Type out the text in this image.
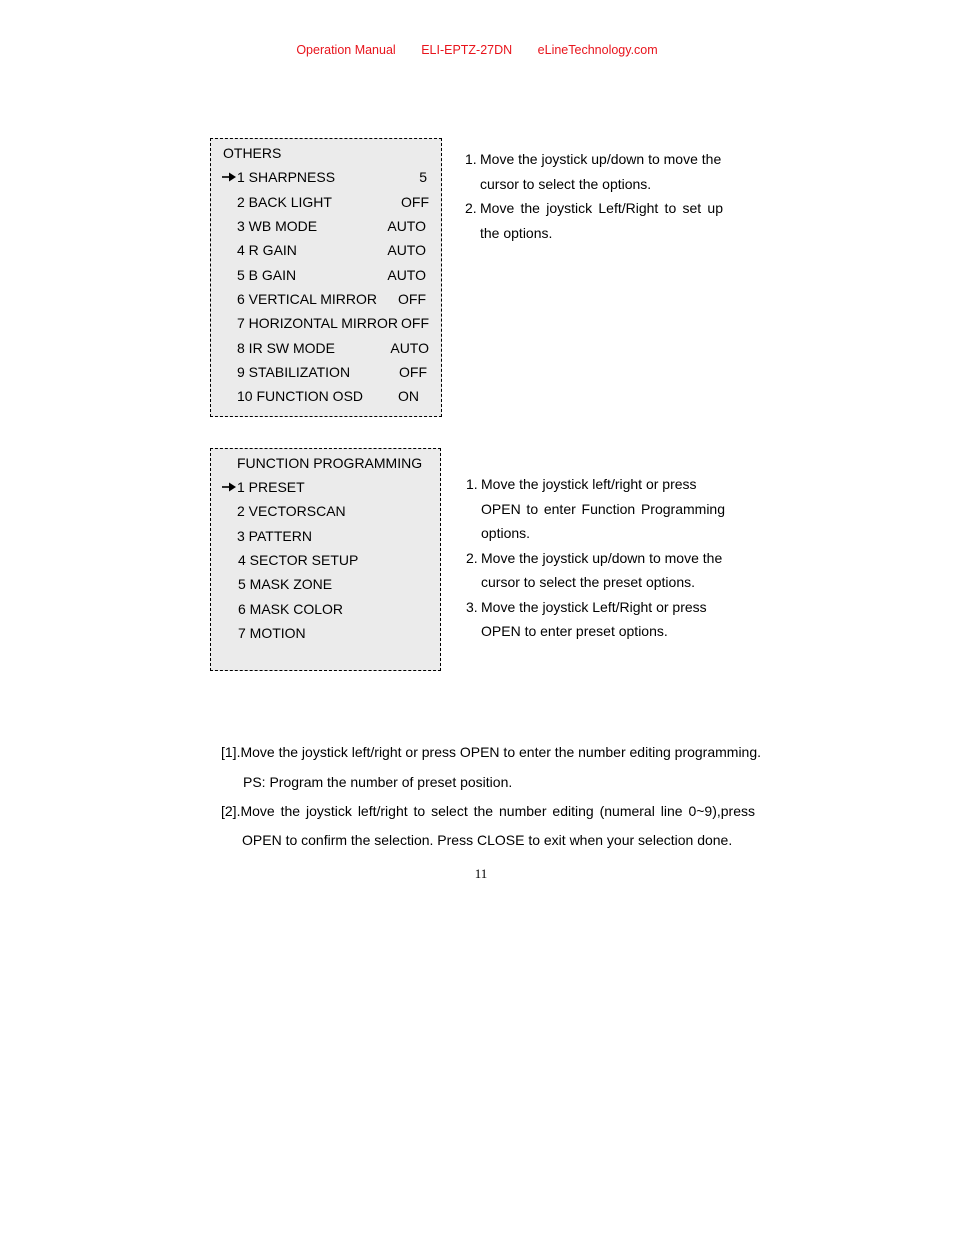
Operation Manual ELI-EPTZ-27DN eLineTechnology.com
OTHERS
1 SHARPNESS	5
2 BACK LIGHT	OFF
3 WB MODE	AUTO
4 R GAIN	AUTO
5 B GAIN	AUTO
6 VERTICAL MIRROR OFF
7 HORIZONTAL MIRROR OFF
8 IR SW MODE	AUTO
9 STABILIZATION	OFF
10 FUNCTION OSD ON
1. Move the joystick up/down to move the
cursor to select the options.
2. Move the joystick Left/Right to set up
the options.
FUNCTION PROGRAMMING
1 PRESET
2 VECTORSCAN
3 PATTERN
4 SECTOR SETUP
5 MASK ZONE
6 MASK COLOR
7 MOTION
1. Move the joystick left/right or press
OPEN to enter Function Programming
options.
2. Move the joystick up/down to move the
cursor to select the preset options.
3. Move the joystick Left/Right or press
OPEN to enter preset options.
[1].Move the joystick left/right or press OPEN to enter the number editing programming.
PS: Program the number of preset position.
[2].Move the joystick left/right to select the number editing (numeral line 0~9),press
OPEN to confirm the selection. Press CLOSE to exit when your selection done.
11
